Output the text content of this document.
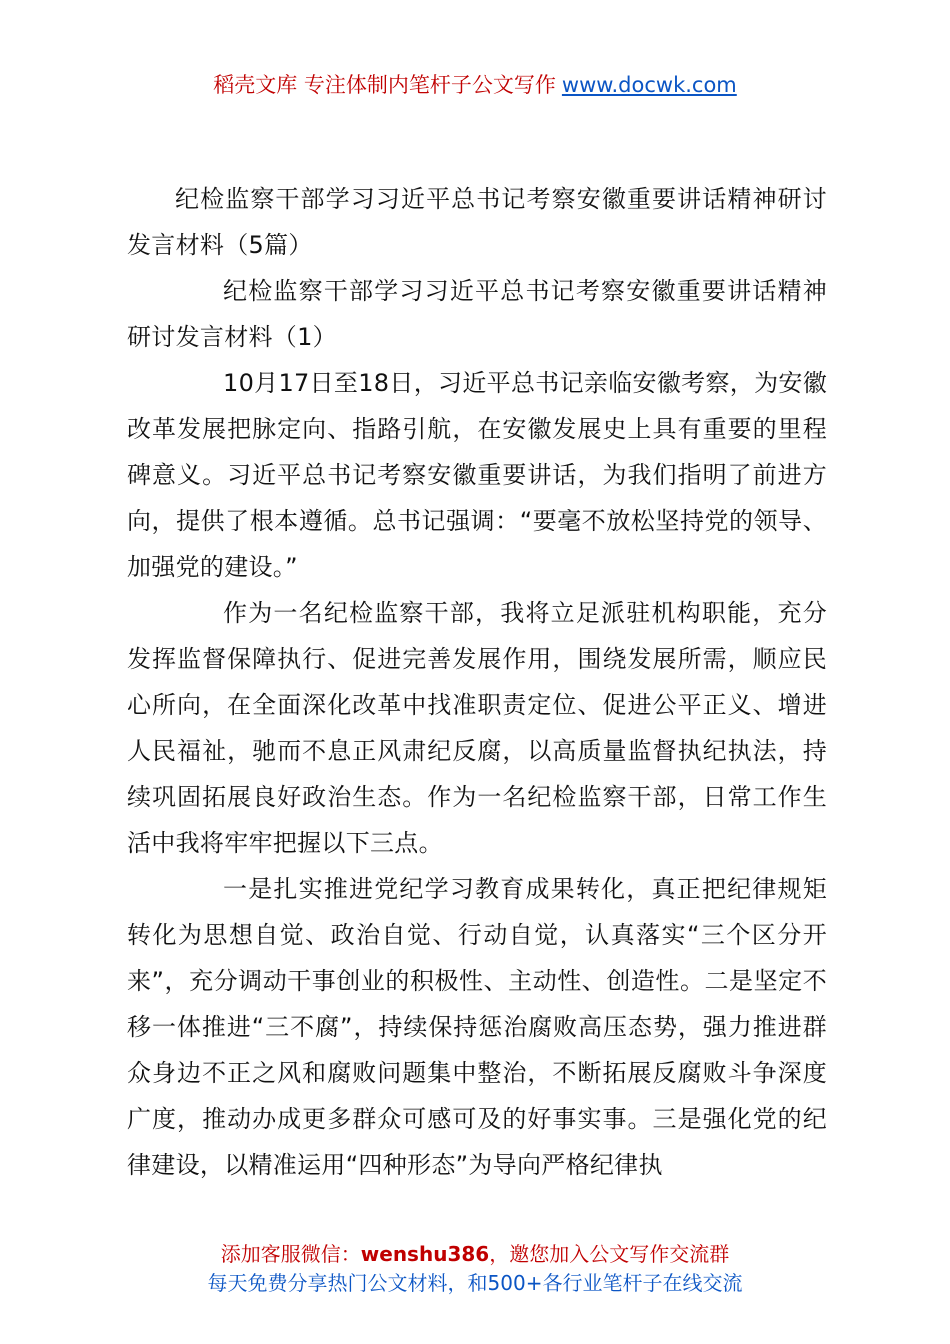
稻壳文库 专注体制内笔杆子公文写作 www.docwk.com

纪检监察干部学习习近平总书记考察安徽重要讲话精神研讨发言材料（5篇）

纪检监察干部学习习近平总书记考察安徽重要讲话精神研讨发言材料（1）

10月17日至18日，习近平总书记亲临安徽考察，为安徽改革发展把脉定向、指路引航，在安徽发展史上具有重要的里程碑意义。习近平总书记考察安徽重要讲话，为我们指明了前进方向，提供了根本遵循。总书记强调：“要毫不放松坚持党的领导、加强党的建设。”

作为一名纪检监察干部，我将立足派驻机构职能，充分发挥监督保障执行、促进完善发展作用，围绕发展所需，顺应民心所向，在全面深化改革中找准职责定位、促进公平正义、增进人民福祉，驰而不息正风肃纪反腐，以高质量监督执纪执法，持续巩固拓展良好政治生态。作为一名纪检监察干部，日常工作生活中我将牢牢把握以下三点。

一是扎实推进党纪学习教育成果转化，真正把纪律规矩转化为思想自觉、政治自觉、行动自觉，认真落实“三个区分开来”，充分调动干事创业的积极性、主动性、创造性。二是坚定不移一体推进“三不腐”，持续保持惩治腐败高压态势，强力推进群众身边不正之风和腐败问题集中整治，不断拓展反腐败斗争深度广度，推动办成更多群众可感可及的好事实事。三是强化党的纪律建设，以精准运用“四种形态”为导向严格纪律执

添加客服微信：wenshu386，邀您加入公文写作交流群
每天免费分享热门公文材料，和500+各行业笔杆子在线交流
